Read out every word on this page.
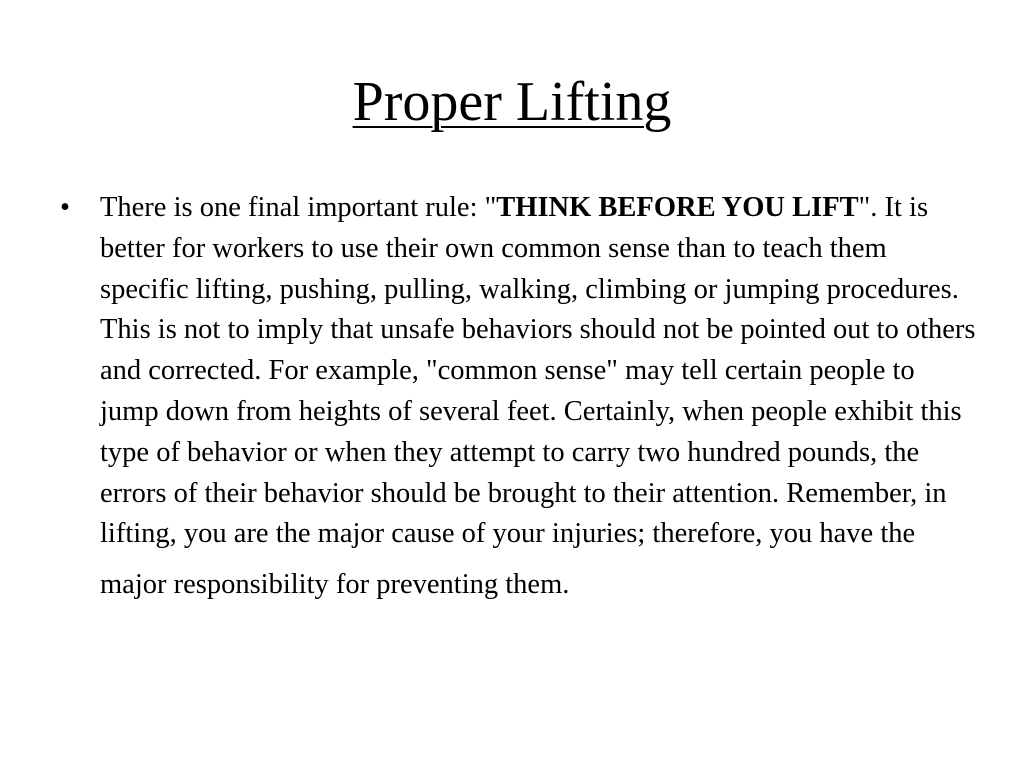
Proper Lifting
• There is one final important rule: "THINK BEFORE YOU LIFT". It is better for workers to use their own common sense than to teach them specific lifting, pushing, pulling, walking, climbing or jumping procedures. This is not to imply that unsafe behaviors should not be pointed out to others and corrected. For example, "common sense" may tell certain people to jump down from heights of several feet. Certainly, when people exhibit this type of behavior or when they attempt to carry two hundred pounds, the errors of their behavior should be brought to their attention. Remember, in lifting, you are the major cause of your injuries; therefore, you have the
major responsibility for preventing them.
